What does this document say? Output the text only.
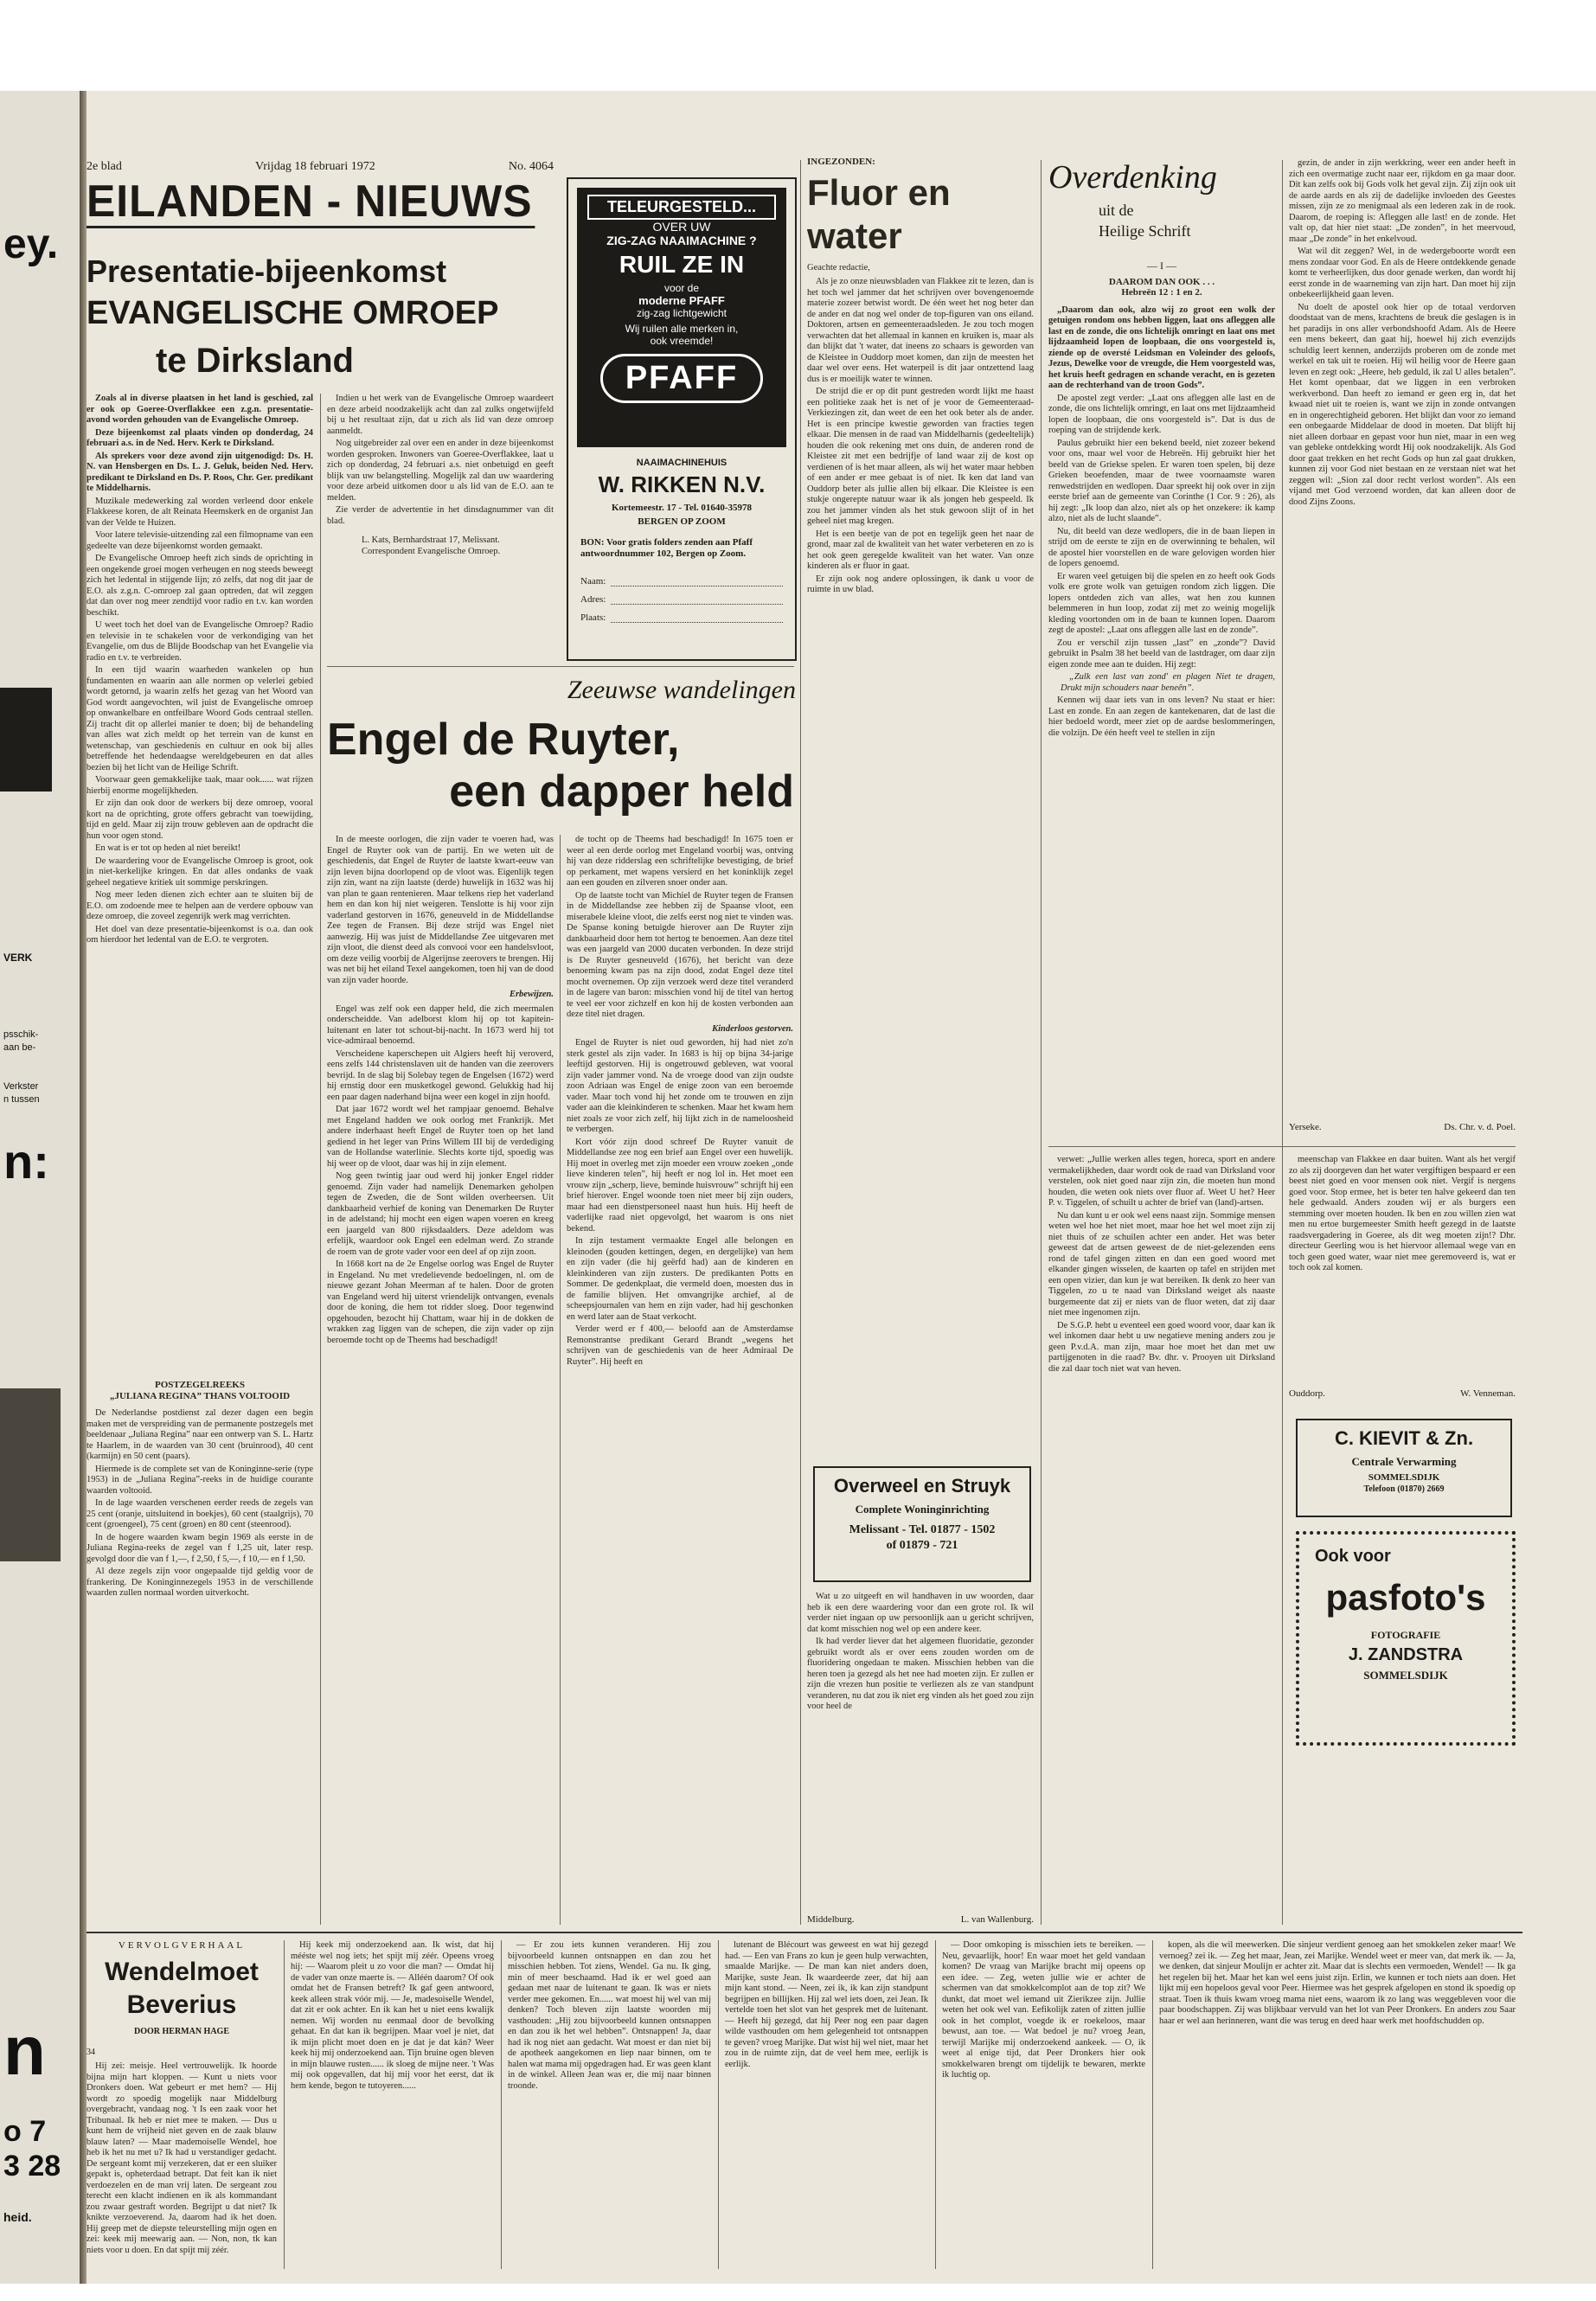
ey.
VERK
psschik-
aan be-
Verkster
n tussen
n:
n
o 7
3 28
heid.
2e blad	Vrijdag 18 februari 1972	No. 4064
EILANDEN - NIEUWS
Presentatie-bijeenkomst
EVANGELISCHE OMROEP
te Dirksland

Zoals al in diverse plaatsen in het land is geschied, zal er ook op Goeree-Overflakkee een z.g.n. presentatie-avond worden gehouden van de Evangelische Omroep.

Deze bijeenkomst zal plaats vinden op donderdag, 24 februari a.s. in de Ned. Herv. Kerk te Dirksland.

Als sprekers voor deze avond zijn uitgenodigd: Ds. H. N. van Hensbergen en Ds. L. J. Geluk, beiden Ned. Herv. predikant te Dirksland en Ds. P. Roos, Chr. Ger. predikant te Middelharnis.

Muzikale medewerking zal worden verleend door enkele Flakkeese koren, de alt Reinata Heemskerk en de organist Jan van der Velde te Huizen.

Voor latere televisie-uitzending zal een filmopname van een gedeelte van deze bijeenkomst worden gemaakt.

De Evangelische Omroep heeft zich sinds de oprichting in een ongekende groei mogen verheugen en nog steeds beweegt zich het ledental in stijgende lijn; zó zelfs, dat nog dit jaar de E.O. als z.g.n. C-omroep zal gaan optreden, dat wil zeggen dat dan over nog meer zendtijd voor radio en t.v. kan worden beschikt.

U weet toch het doel van de Evangelische Omroep? Radio en televisie in te schakelen voor de verkondiging van het Evangelie, om dus de Blijde Boodschap van het Evangelie via radio en t.v. te verbreiden.

In een tijd waarin waarheden wankelen op hun fundamenten en waarin aan alle normen op velerlei gebied wordt getornd, ja waarin zelfs het gezag van het Woord van God wordt aangevochten, wil juist de Evangelische omroep op onwankelbare en ontfeilbare Woord Gods centraal stellen. Zij tracht dit op allerlei manier te doen; bij de behandeling van alles wat zich meldt op het terrein van de kunst en wetenschap, van geschiedenis en cultuur en ook bij alles betreffende het hedendaagse wereldgebeuren en dat alles bezien bij het licht van de Heilige Schrift.

Voorwaar geen gemakkelijke taak, maar ook...... wat rijzen hierbij enorme mogelijkheden.

Er zijn dan ook door de werkers bij deze omroep, vooral kort na de oprichting, grote offers gebracht van toewijding, tijd en geld. Maar zij zijn trouw gebleven aan de opdracht die hun voor ogen stond.

En wat is er tot op heden al niet bereikt!

De waardering voor de Evangelische Omroep is groot, ook in niet-kerkelijke kringen. En dat alles ondanks de vaak geheel negatieve kritiek uit sommige perskringen.

Nog meer leden dienen zich echter aan te sluiten bij de E.O. om zodoende mee te helpen aan de verdere opbouw van deze omroep, die zoveel zegenrijk werk mag verrichten.

Het doel van deze presentatie-bijeenkomst is o.a. dan ook om hierdoor het ledental van de E.O. te vergroten.

Indien u het werk van de Evangelische Omroep waardeert en deze arbeid noodzakelijk acht dan zal zulks ongetwijfeld bij u het resultaat zijn, dat u zich als lid van deze omroep aanmeldt.

Nog uitgebreider zal over een en ander in deze bijeenkomst worden gesproken. Inwoners van Goeree-Overflakkee, laat u zich op donderdag, 24 februari a.s. niet onbetuigd en geeft blijk van uw belangstelling. Mogelijk zal dan uw waardering voor deze arbeid uitkomen door u als lid van de E.O. aan te melden.

Zie verder de advertentie in het dinsdagnummer van dit blad.

L. Kats, Bernhardstraat 17, Melissant.
Correspondent Evangelische Omroep.
POSTZEGELREEKS
„JULIANA REGINA” THANS VOLTOOID

De Nederlandse postdienst zal dezer dagen een begin maken met de verspreiding van de permanente postzegels met beeldenaar „Juliana Regina” naar een ontwerp van S. L. Hartz te Haarlem, in de waarden van 30 cent (bruinrood), 40 cent (karmijn) en 50 cent (paars).

Hiermede is de complete set van de Koninginne-serie (type 1953) in de „Juliana Regina”-reeks in de huidige courante waarden voltooid.

In de lage waarden verschenen eerder reeds de zegels van 25 cent (oranje, uitsluitend in boekjes), 60 cent (staalgrijs), 70 cent (groengeel), 75 cent (groen) en 80 cent (steenrood).

In de hogere waarden kwam begin 1969 als eerste in de Juliana Regina-reeks de zegel van f 1,25 uit, later resp. gevolgd door die van f 1,—, f 2,50, f 5,—, f 10,— en f 1,50.

Al deze zegels zijn voor ongepaalde tijd geldig voor de frankering. De Koninginnezegels 1953 in de verschillende waarden zullen normaal worden uitverkocht.

TELEURGESTELD...
OVER UW
ZIG-ZAG NAAIMACHINE ?
RUIL ZE IN
voor de
moderne PFAFF
zig-zag lichtgewicht
Wij ruilen alle merken in,
ook vreemde!
PFAFF
NAAIMACHINEHUIS
W. RIKKEN N.V.
Kortemeestr. 17 - Tel. 01640-35978
BERGEN OP ZOOM
BON: Voor gratis folders zenden aan Pfaff antwoordnummer 102, Bergen op Zoom.
Naam:
Adres:
Plaats:
Zeeuwse wandelingen
Engel de Ruyter,
een dapper held

In de meeste oorlogen, die zijn vader te voeren had, was Engel de Ruyter ook van de partij. En we weten uit de geschiedenis, dat Engel de Ruyter de laatste kwart-eeuw van zijn leven bijna doorlopend op de vloot was. Eigenlijk tegen zijn zin, want na zijn laatste (derde) huwelijk in 1632 was hij van plan te gaan rentenieren. Maar telkens riep het vaderland hem en dan kon hij niet weigeren. Tenslotte is hij voor zijn vaderland gestorven in 1676, geneuveld in de Middellandse Zee tegen de Fransen. Bij deze strijd was Engel niet aanwezig. Hij was juist de Middellandse Zee uitgevaren met zijn vloot, die dienst deed als convooi voor een handelsvloot, om deze veilig voorbij de Algerijnse zeerovers te brengen. Hij was net bij het eiland Texel aangekomen, toen hij van de dood van zijn vader hoorde.

Erbewijzen.

Engel was zelf ook een dapper held, die zich meermalen onderscheidde. Van adelborst klom hij op tot kapitein-luitenant en later tot schout-bij-nacht. In 1673 werd hij tot vice-admiraal benoemd.

Verscheidene kaperschepen uit Algiers heeft hij veroverd, eens zelfs 144 christenslaven uit de handen van die zeerovers bevrijd. In de slag bij Solebay tegen de Engelsen (1672) werd hij ernstig door een musketkogel gewond. Gelukkig had hij een paar dagen naderhand bijna weer een kogel in zijn hoofd.

Dat jaar 1672 wordt wel het rampjaar genoemd. Behalve met Engeland hadden we ook oorlog met Frankrijk. Met andere inderhaast heeft Engel de Ruyter toen op het land gediend in het leger van Prins Willem III bij de verdediging van de Hollandse waterlinie. Slechts korte tijd, spoedig was hij weer op de vloot, daar was hij in zijn element.

Nog geen twintig jaar oud werd hij jonker Engel ridder genoemd. Zijn vader had namelijk Denemarken geholpen tegen de Zweden, die de Sont wilden overheersen. Uit dankbaarheid verhief de koning van Denemarken De Ruyter in de adelstand; hij mocht een eigen wapen voeren en kreeg een jaargeld van 800 rijksdaalders. Deze adeldom was erfelijk, waardoor ook Engel een edelman werd. Zo strande de roem van de grote vader voor een deel af op zijn zoon.

In 1668 kort na de 2e Engelse oorlog was Engel de Ruyter in Engeland. Nu met vredelievende bedoelingen, nl. om de nieuwe gezant Johan Meerman af te halen. Door de groten van Engeland werd hij uiterst vriendelijk ontvangen, evenals door de koning, die hem tot ridder sloeg. Door tegenwind opgehouden, bezocht hij Chattam, waar hij in de dokken de wrakken zag liggen van de schepen, die zijn vader op zijn beroemde tocht op de Theems had beschadigd!

de tocht op de Theems had beschadigd! In 1675 toen er weer al een derde oorlog met Engeland voorbij was, ontving hij van deze ridderslag een schriftelijke bevestiging, de brief op perkament, met wapens versierd en het koninklijk zegel aan een gouden en zilveren snoer onder aan.

Op de laatste tocht van Michiel de Ruyter tegen de Fransen in de Middellandse zee hebben zij de Spaanse vloot, een miserabele kleine vloot, die zelfs eerst nog niet te vinden was. De Spanse koning betuigde hierover aan De Ruyter zijn dankbaarheid door hem tot hertog te benoemen. Aan deze titel was een jaargeld van 2000 ducaten verbonden. In deze strijd is De Ruyter gesneuveld (1676), het bericht van deze benoeming kwam pas na zijn dood, zodat Engel deze titel mocht overnemen. Op zijn verzoek werd deze titel veranderd in de lagere van baron: misschien vond hij de titel van hertog te veel eer voor zichzelf en kon hij de kosten verbonden aan deze titel niet dragen.

Kinderloos gestorven.

Engel de Ruyter is niet oud geworden, hij had niet zo'n sterk gestel als zijn vader. In 1683 is hij op bijna 34-jarige leeftijd gestorven. Hij is ongetrouwd gebleven, wat vooral zijn vader jammer vond. Na de vroege dood van zijn oudste zoon Adriaan was Engel de enige zoon van een beroemde vader. Maar toch vond hij het zonde om te trouwen en zijn vader aan die kleinkinderen te schenken. Maar het kwam hem niet zoals ze voor zich zelf, hij lijkt zich in de nameloosheid te verbergen.

Kort vóór zijn dood schreef De Ruyter vanuit de Middellandse zee nog een brief aan Engel over een huwelijk. Hij moet in overleg met zijn moeder een vrouw zoeken „onde lieve kinderen telen”, hij heeft er nog lol in. Het moet een vrouw zijn „scherp, lieve, beminde huisvrouw” schrijft hij een brief hierover. Engel woonde toen niet meer bij zijn ouders, maar had een dienstpersoneel naast hun huis. Hij heeft de vaderlijke raad niet opgevolgd, het waarom is ons niet bekend.

In zijn testament vermaakte Engel alle belongen en kleinoden (gouden kettingen, degen, en dergelijke) van hem en zijn vader (die hij geërfd had) aan de kinderen en kleinkinderen van zijn zusters. De predikanten Potts en Sommer. De gedenkplaat, die vermeld doen, moesten dus in de familie blijven. Het omvangrijke archief, al de scheepsjournalen van hem en zijn vader, had hij geschonken en werd later aan de Staat verkocht.

Verder werd er f 400,— beloofd aan de Amsterdamse Remonstrantse predikant Gerard Brandt „wegens het schrijven van de geschiedenis van de heer Admiraal De Ruyter”. Hij heeft en

INGEZONDEN:
Fluor en water
Geachte redactie,

Als je zo onze nieuwsbladen van Flakkee zit te lezen, dan is het toch wel jammer dat het schrijven over bovengenoemde materie zozeer betwist wordt. De één weet het nog beter dan de ander en dat nog wel onder de top-figuren van ons eiland. Doktoren, artsen en gemeenteraadsleden. Je zou toch mogen verwachten dat het allemaal in kannen en kruiken is, maar als dan blijkt dat 't water, dat ineens zo schaars is geworden van de Kleistee in Ouddorp moet komen, dan zijn de meesten het daar wel over eens. Het waterpeil is dit jaar ontzettend laag dus is er moeilijk water te winnen.

De strijd die er op dit punt gestreden wordt lijkt me haast een politieke zaak het is net of je voor de Gemeenteraad-Verkiezingen zit, dan weet de een het ook beter als de ander. Het is een principe kwestie geworden van fracties tegen elkaar. Die mensen in de raad van Middelharnis (gedeeltelijk) houden die ook rekening met ons duin, de anderen rond de Kleistee zit met een bedrijfje of land waar zij de kost op verdienen of is het maar alleen, als wij het water maar hebben of een ander er mee gebaat is of niet. Ik ken dat land van Ouddorp beter als jullie allen bij elkaar. Die Kleistee is een stukje ongerepte natuur waar ik als jongen heb gespeeld. Ik zou het jammer vinden als het stuk gewoon slijt of in het geheel niet mag kregen.

Het is een beetje van de pot en tegelijk geen het naar de grond, maar zal de kwaliteit van het water verbeteren en zo is het ook geen geregelde kwaliteit van het water. Van onze kinderen als er fluor in gaat.

Er zijn ook nog andere oplossingen, ik dank u voor de ruimte in uw blad.

Middelburg.	L. van Wallenburg.
Overweel en Struyk
Complete Woninginrichting
Melissant - Tel. 01877 - 1502
of 01879 - 721

Wat u zo uitgeeft en wil handhaven in uw woorden, daar heb ik een dere waardering voor dan een grote rol. Ik wil verder niet ingaan op uw persoonlijk aan u gericht schrijven, dat komt misschien nog wel op een andere keer.

Ik had verder liever dat het algemeen fluoridatie, gezonder gebruikt wordt als er over eens zouden worden om de fluoridering ongedaan te maken. Misschien hebben van die heren toen ja gezegd als het nee had moeten zijn. Er zullen er zijn die vrezen hun positie te verliezen als ze van standpunt veranderen, nu dat zou ik niet erg vinden als het goed zou zijn voor heel de

Overdenking
uit de
Heilige Schrift
— I —
DAAROM DAN OOK . . .
Hebreën 12 : 1 en 2.

„Daarom dan ook, alzo wij zo groot een wolk der getuigen rondom ons hebben liggen, laat ons afleggen alle last en de zonde, die ons lichtelijk omringt en laat ons met lijdzaamheid lopen de loopbaan, die ons voorgesteld is, ziende op de oversté Leidsman en Voleinder des geloofs, Jezus, Dewelke voor de vreugde, die Hem voorgesteld was, het kruis heeft gedragen en schande veracht, en is gezeten aan de rechterhand van de troon Gods”.

De apostel zegt verder: „Laat ons afleggen alle last en de zonde, die ons lichtelijk omringt, en laat ons met lijdzaamheid lopen de loopbaan, die ons voorgesteld is”. Dat is dus de roeping van de strijdende kerk.

Paulus gebruikt hier een bekend beeld, niet zozeer bekend voor ons, maar wel voor de Hebreën. Hij gebruikt hier het beeld van de Griekse spelen. Er waren toen spelen, bij deze Grieken beoefenden, maar de twee voornaamste waren renwedstrijden en wedlopen. Daar spreekt hij ook over in zijn eerste brief aan de gemeente van Corinthe (1 Cor. 9 : 26), als hij zegt: „Ik loop dan alzo, niet als op het onzekere: ik kamp alzo, niet als de lucht slaande”.

Nu, dit beeld van deze wedlopers, die in de baan liepen in strijd om de eerste te zijn en de overwinning te behalen, wil de apostel hier voorstellen en de ware gelovigen worden hier de lopers genoemd.

Er waren veel getuigen bij die spelen en zo heeft ook Gods volk ere grote wolk van getuigen rondom zich liggen. Die lopers ontdeden zich van alles, wat hen zou kunnen belemmeren in hun loop, zodat zij met zo weinig mogelijk kleding voortonden om in de baan te kunnen lopen. Daarom zegt de apostel: „Laat ons afleggen alle last en de zonde”.

Zou er verschil zijn tussen „last” en „zonde”? David gebruikt in Psalm 38 het beeld van de lastdrager, om daar zijn eigen zonde mee aan te duiden. Hij zegt:

„Zulk een last van zond' en plagen Niet te dragen, Drukt mijn schouders naar beneên”.

Kennen wij daar iets van in ons leven? Nu staat er hier: Last en zonde. En aan zegen de kantekenaren, dat de last die hier bedoeld wordt, meer ziet op de aardse beslommeringen, die volzijn. De één heeft veel te stellen in zijn

verwet: „Jullie werken alles tegen, horeca, sport en andere vermakelijkheden, daar wordt ook de raad van Dirksland voor verstelen, ook niet goed naar zijn zin, die moeten hun mond houden, die weten ook niets over fluor af. Weet U het? Heer P. v. Tiggelen, of schuilt u achter de brief van (land)-artsen.

Nu dan kunt u er ook wel eens naast zijn. Sommige mensen weten wel hoe het niet moet, maar hoe het wel moet zijn zij niet thuis of ze schuilen achter een ander. Het was beter geweest dat de artsen geweest de de niet-gelezenden eens rond de tafel gingen zitten en dan een goed woord met elkander gingen wisselen, de kaarten op tafel en strijden met een open vizier, dan kun je wat bereiken. Ik denk zo heer van Tiggelen, zo u te naad van Dirksland weiget als naaste burgemeente dat zij er niets van de fluor weten, dat zij daar niet mee ingenomen zijn.

De S.G.P. hebt u eventeel een goed woord voor, daar kan ik wel inkomen daar hebt u uw negatieve mening anders zou je geen P.v.d.A. man zijn, maar hoe moet het dan met uw partijgenoten in die raad? Bv. dhr. v. Prooyen uit Dirksland die zal daar toch niet wat van heven.

gezin, de ander in zijn werkkring, weer een ander heeft in zich een overmatige zucht naar eer, rijkdom en ga maar door. Dit kan zelfs ook bij Gods volk het geval zijn. Zij zijn ook uit de aarde aards en als zij de dadelijke invloeden des Geestes missen, zijn ze zo menigmaal als een lederen zak in de rook. Daarom, de roeping is: Afleggen alle last! en de zonde. Het valt op, dat hier niet staat: „De zonden”, in het meervoud, maar „De zonde” in het enkelvoud.

Wat wil dit zeggen? Wel, in de wedergeboorte wordt een mens zondaar voor God. En als de Heere ontdekkende genade komt te verheerlijken, dus door genade werken, dan wordt hij eerst zonde in de waarneming van zijn hart. Dan moet hij zijn onbekeerlijkheid gaan leven.

Nu doelt de apostel ook hier op de totaal verdorven doodstaat van de mens, krachtens de breuk die geslagen is in het paradijs in ons aller verbondshoofd Adam. Als de Heere een mens bekeert, dan gaat hij, hoewel hij zich evenzijds schuldig leert kennen, anderzijds proberen om de zonde met werkel en tak uit te roeien. Hij wil heilig voor de Heere gaan leven en zegt ook: „Heere, heb geduld, ik zal U alles betalen”. Het komt openbaar, dat we liggen in een verbroken werkverbond. Dan heeft zo iemand er geen erg in, dat het kwaad niet uit te roeien is, want we zijn in zonde ontvangen en in ongerechtigheid geboren. Het blijkt dan voor zo iemand een onbegaarde Middelaar de dood in moeten. Dat blijft hij niet alleen dorbaar en gepast voor hun niet, maar in een weg van gebleke ontdekking wordt Hij ook noodzakelijk. Als God door gaat trekken en het recht Gods op hun zal gaat drukken, kunnen zij voor God niet bestaan en ze verstaan niet wat het zeggen wil: „Sion zal door recht verlost worden”. Als een vijand met God verzoend worden, dat kan alleen door de dood Zijns Zoons.

Yerseke.	Ds. Chr. v. d. Poel.

meenschap van Flakkee en daar buiten. Want als het vergif zo als zij doorgeven dan het water vergiftigen bespaard er een beest niet goed en voor mensen ook niet. Vergif is nergens goed voor. Stop ermee, het is beter ten halve gekeerd dan ten hele gedwaald. Anders zouden wij er als burgers een stemming over moeten houden. Ik ben en zou willen zien wat men nu ertoe burgemeester Smith heeft gezegd in de laatste raadsvergadering in Goeree, als dit weg moeten zijn!? Dhr. directeur Geerling wou is het hiervoor allemaal wege van en toch geen goed water, waar niet mee geremoveerd is, wat er toch ook zal komen.

Ouddorp.	W. Venneman.
C. KIEVIT & Zn.
Centrale Verwarming
SOMMELSDIJK
Telefoon (01870) 2669
Ook voor
pasfoto's
FOTOGRAFIE
J. ZANDSTRA
SOMMELSDIJK
VERVOLGVERHAAL
Wendelmoet
Beverius
DOOR HERMAN HAGE
34

Hij zei: meisje. Heel vertrouwelijk. Ik hoorde bijna mijn hart kloppen. — Kunt u niets voor Dronkers doen. Wat gebeurt er met hem? — Hij wordt zo spoedig mogelijk naar Middelburg overgebracht, vandaag nog. 't Is een zaak voor het Tribunaal. Ik heb er niet mee te maken. — Dus u kunt hem de vrijheid niet geven en de zaak blauw blauw laten? — Maar mademoiselle Wendel, hoe heb ik het nu met u? Ik had u verstandiger gedacht. De sergeant komt mij verzekeren, dat er een sluiker gepakt is, opheterdaad betrapt. Dat feit kan ik niet verdoezelen en de man vrij laten. De sergeant zou terecht een klacht indienen en ik als kommandant zou zwaar gestraft worden. Begrijpt u dat niet? Ik knikte verzoeverend. Ja, daarom had ik het doen. Hij greep met de diepste teleurstelling mijn ogen en zei: keek mij meewarig aan. — Non, non, tk kan niets voor u doen. En dat spijt mij zéér.

Hij keek mij onderzoekend aan. Ik wist, dat hij mééste wel nog iets; het spijt mij zéér. Opeens vroeg hij: — Waarom pleit u zo voor die man? — Omdat hij de vader van onze maerte is. — Alléén daarom? Of ook omdat het de Fransen betreft? Ik gaf geen antwoord, keek alleen strak vóór mij. — Je, madesoiselle Wendel, dat zit er ook achter. En ik kan het u niet eens kwalijk nemen. Wij worden nu eenmaal door de bevolking gehaat. En dat kan ik begrijpen. Maar voel je niet, dat ik mijn plicht moet doen en je dat je dat kán? Weer keek hij mij onderzoekend aan. Tijn bruine ogen bleven in mijn blauwe rusten...... ik sloeg de mijne neer. 't Was mij ook opgevallen, dat hij mij voor het eerst, dat ik hem kende, begon te tutoyeren......

— Er zou iets kunnen veranderen. Hij zou bijvoorbeeld kunnen ontsnappen en dan zou het misschien hebben. Tot ziens, Wendel. Ga nu. Ik ging, min of meer beschaamd. Had ik er wel goed aan gedaan met naar de luitenant te gaan. Ik was er niets verder mee gekomen. En...... wat moest hij wel van mij denken? Toch bleven zijn laatste woorden mij vasthouden: „Hij zou bijvoorbeeld kunnen ontsnappen en dan zou ik het wel hebben”. Ontsnappen! Ja, daar had ik nog niet aan gedacht. Wat moest er dan niet bij de apotheek aangekomen en liep naar binnen, om te halen wat mama mij opgedragen had. Er was geen klant in de winkel. Alleen Jean was er, die mij naar binnen troonde.

lutenant de Blécourt was geweest en wat hij gezegd had. — Een van Frans zo kun je geen hulp verwachten, smaalde Marijke. — De man kan niet anders doen, Marijke, suste Jean. Ik waardeerde zeer, dat hij aan mijn kant stond. — Neen, zei ik, ik kan zijn standpunt begrijpen en billijken. Hij zal wel iets doen, zei Jean. Ik vertelde toen het slot van het gesprek met de luitenant. — Heeft hij gezegd, dat hij Peer nog een paar dagen wilde vasthouden om hem gelegenheid tot ontsnappen te geven? vroeg Marijke. Dat wist hij wel niet, maar het zou in de ruimte zijn, dat de veel hem mee, eerlijk is eerlijk.

— Door omkoping is misschien iets te bereiken. — Neu, gevaarlijk, hoor! En waar moet het geld vandaan komen? De vraag van Marijke bracht mij opeens op een idee. — Zeg, weten jullie wie er achter de schermen van dat smokkelcomplot aan de top zit? We dunkt, dat moet wel iemand uit Zierikzee zijn. Jullie weten het ook wel van. Eefikolijk zaten of zitten jullie ook in het complot, voegde ik er roekeloos, maar bewust, aan toe. — Wat bedoel je nu? vroeg Jean, terwijl Marijke mij onderzoekend aankeek. — O, ik weet al enige tijd, dat Peer Dronkers hier ook smokkelwaren brengt om tijdelijk te bewaren, merkte ik luchtig op.

kopen, als die wil meewerken. Die sinjeur verdient genoeg aan het smokkelen zeker maar! We vernoeg? zei ik. — Zeg het maar, Jean, zei Marijke. Wendel weet er meer van, dat merk ik. — Ja, we denken, dat sinjeur Moulijn er achter zit. Maar dat is slechts een vermoeden, Wendel! — Ik ga het regelen bij het. Maar het kan wel eens juist zijn. Erlin, we kunnen er toch niets aan doen. Het lijkt mij een hopeloos geval voor Peer. Hiermee was het gesprek afgelopen en stond ik spoedig op straat. Toen ik thuis kwam vroeg mama niet eens, waarom ik zo lang was weggebleven voor die paar boodschappen. Zij was blijkbaar vervuld van het lot van Peer Dronkers. En anders zou Saar haar er wel aan herinneren, want die was terug en deed haar werk met hoofdschudden op.
